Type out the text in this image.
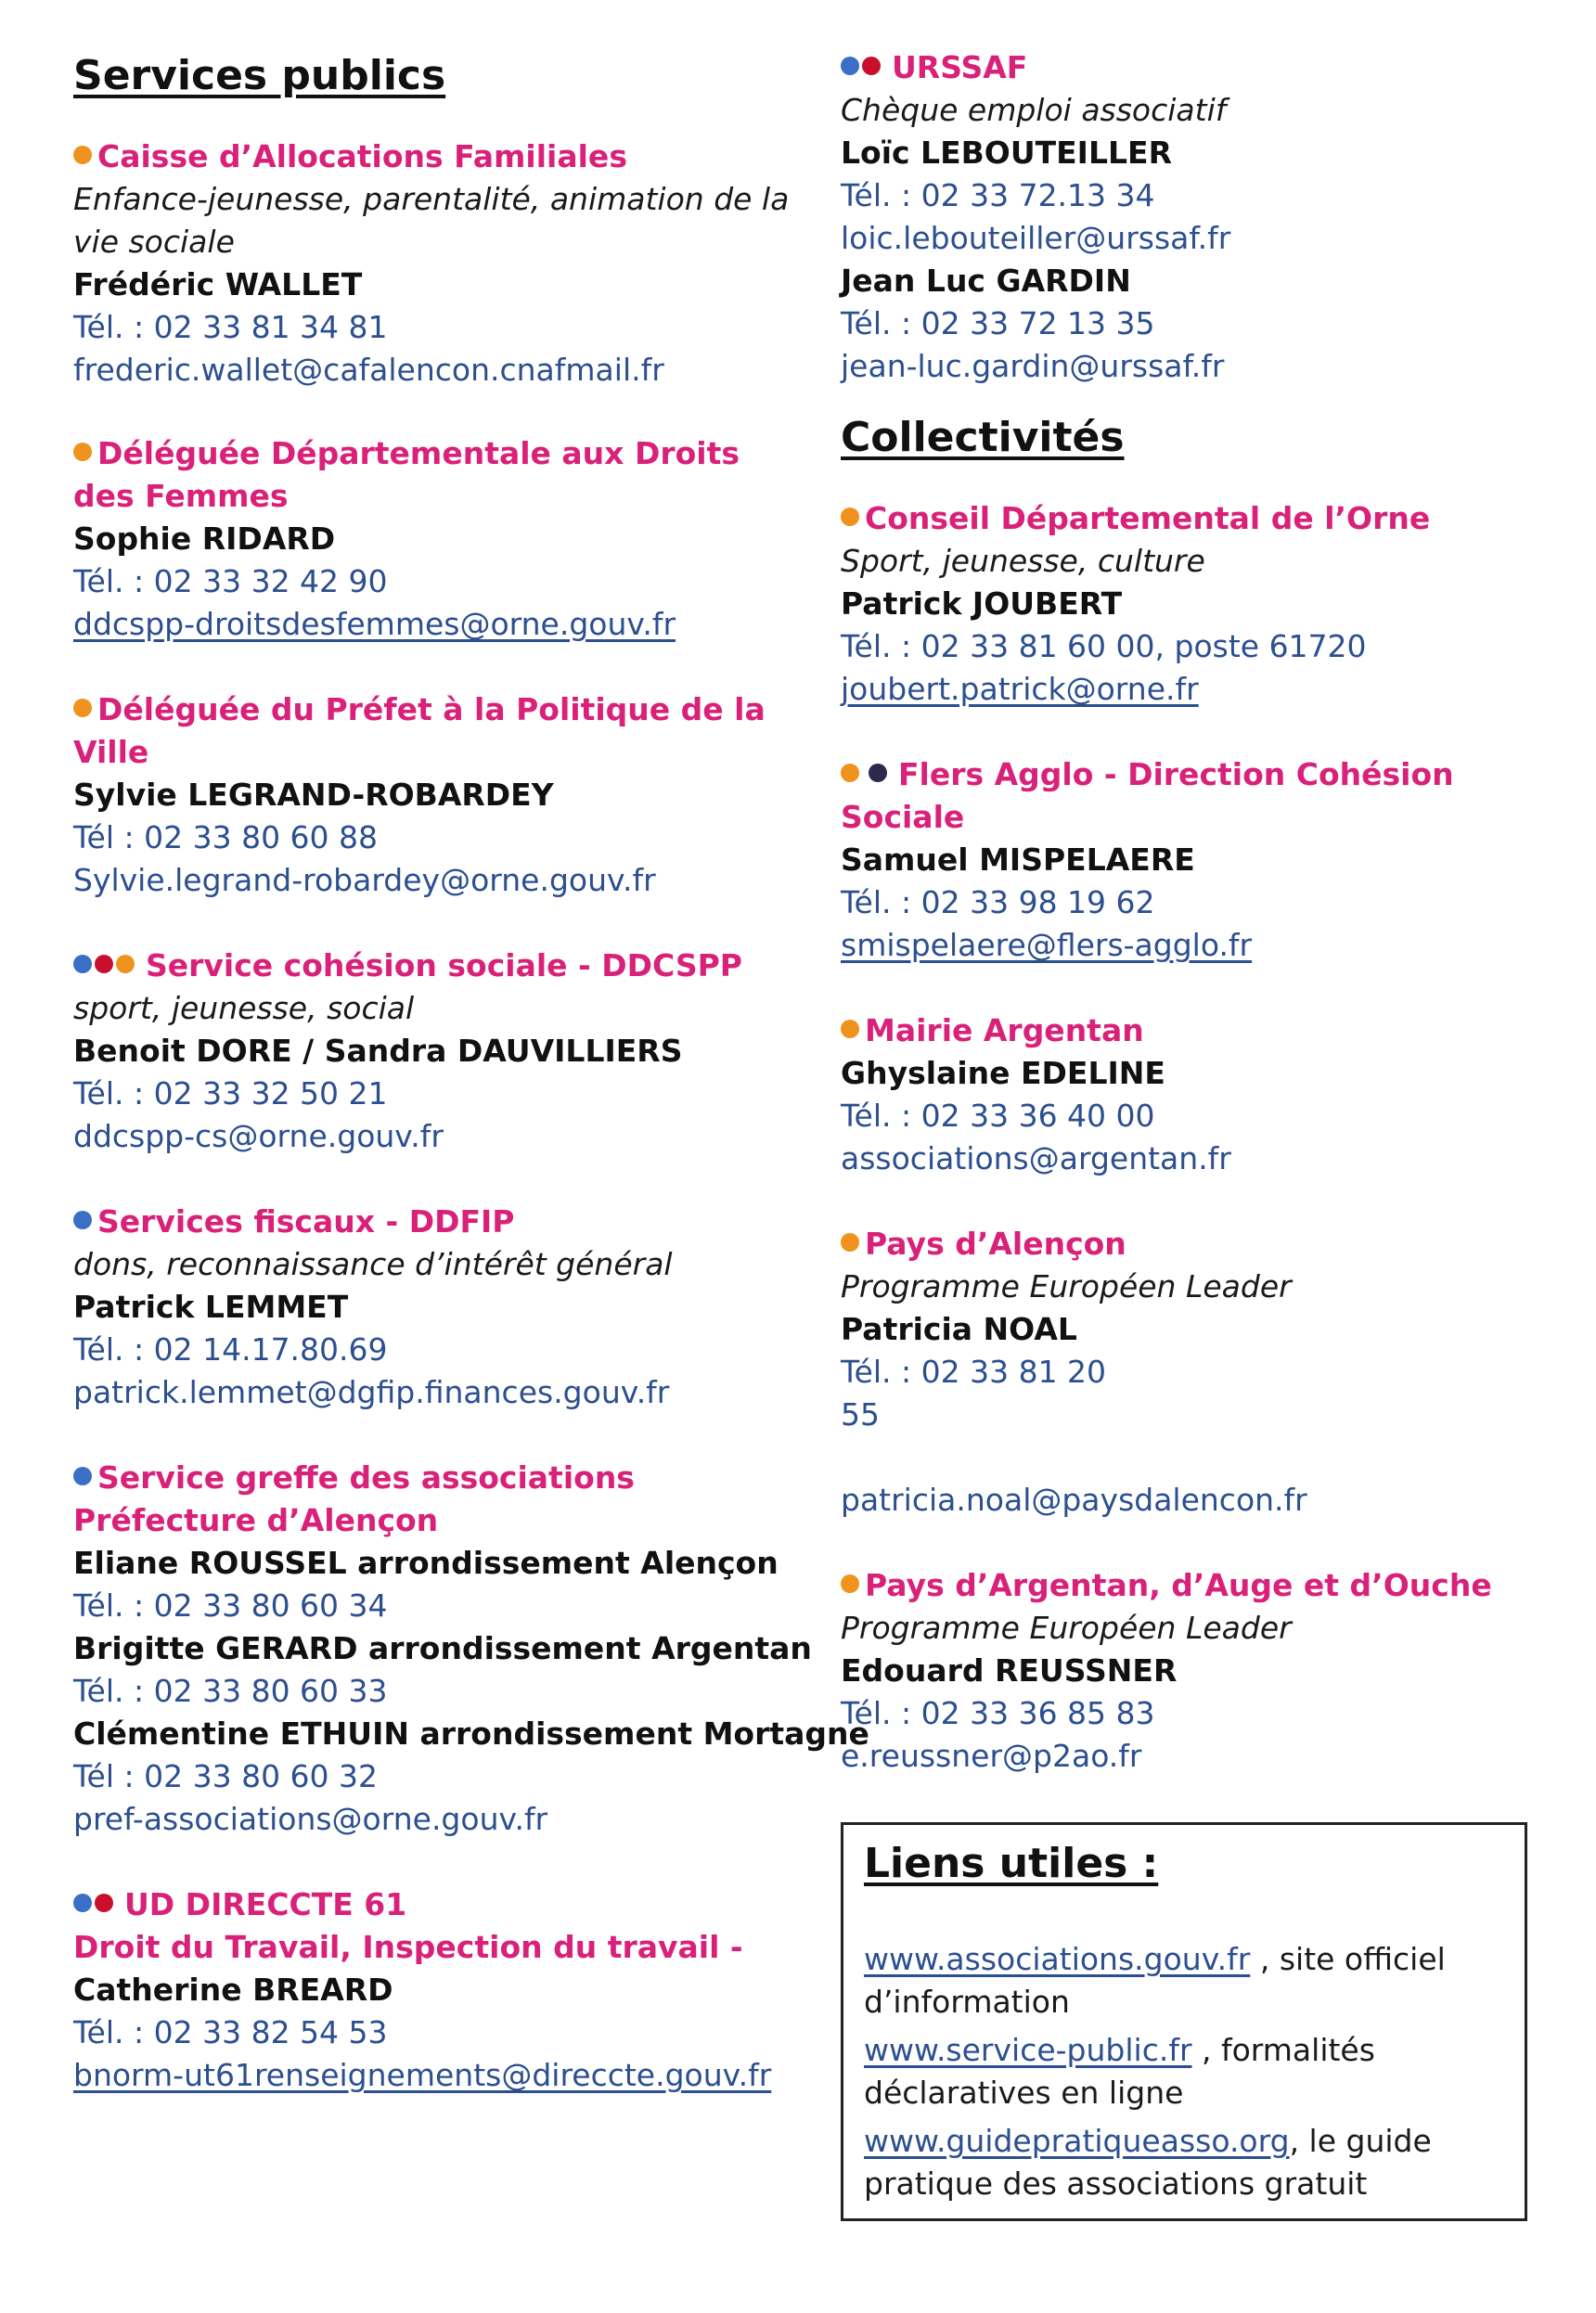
Services publics
Caisse d’Allocations Familiales
Enfance-jeunesse, parentalité, animation de la vie sociale
Frédéric WALLET
Tél. : 02 33 81 34 81
frederic.wallet@cafalencon.cnafmail.fr
Déléguée Départementale aux Droits des Femmes
Sophie RIDARD
Tél. : 02 33 32 42 90
ddcspp-droitsdesfemmes@orne.gouv.fr
Déléguée du Préfet à la Politique de la Ville
Sylvie LEGRAND-ROBARDEY
Tél : 02 33 80 60 88
Sylvie.legrand-robardey@orne.gouv.fr
Service cohésion sociale - DDCSPP
sport, jeunesse, social
Benoit DORE / Sandra DAUVILLIERS
Tél. : 02 33 32 50 21
ddcspp-cs@orne.gouv.fr
Services fiscaux - DDFIP
dons, reconnaissance d’intérêt général
Patrick LEMMET
Tél. : 02 14.17.80.69
patrick.lemmet@dgfip.finances.gouv.fr
Service greffe des associations
Préfecture d’Alençon
Eliane ROUSSEL arrondissement Alençon
Tél. : 02 33 80 60 34
Brigitte GERARD arrondissement Argentan
Tél. : 02 33 80 60 33
Clémentine ETHUIN arrondissement Mortagne
Tél : 02 33 80 60 32
pref-associations@orne.gouv.fr
UD DIRECCTE 61
Droit du Travail, Inspection du travail -
Catherine BREARD
Tél. : 02 33 82 54 53
bnorm-ut61renseignements@direccte.gouv.fr
URSSAF
Chèque emploi associatif
Loïc LEBOUTEILLER
Tél. : 02 33 72.13 34
loic.lebouteiller@urssaf.fr
Jean Luc GARDIN
Tél. : 02 33 72 13 35
jean-luc.gardin@urssaf.fr
Collectivités
Conseil Départemental de l’Orne
Sport, jeunesse, culture
Patrick JOUBERT
Tél. : 02 33 81 60 00, poste 61720
joubert.patrick@orne.fr
Flers Agglo - Direction Cohésion Sociale
Samuel MISPELAERE
Tél. : 02 33 98 19 62
smispelaere@flers-agglo.fr
Mairie Argentan
Ghyslaine EDELINE
Tél. : 02 33 36 40 00
associations@argentan.fr
Pays d’Alençon
Programme Européen Leader
Patricia NOAL
Tél. : 02 33 81 20
55
patricia.noal@paysdalencon.fr
Pays d’Argentan, d’Auge et d’Ouche
Programme Européen Leader
Edouard REUSSNER
Tél. : 02 33 36 85 83
e.reussner@p2ao.fr
Liens utiles :
www.associations.gouv.fr , site officiel d’information
www.service-public.fr , formalités déclaratives en ligne
www.guidepratiqueasso.org, le guide pratique des associations gratuit
